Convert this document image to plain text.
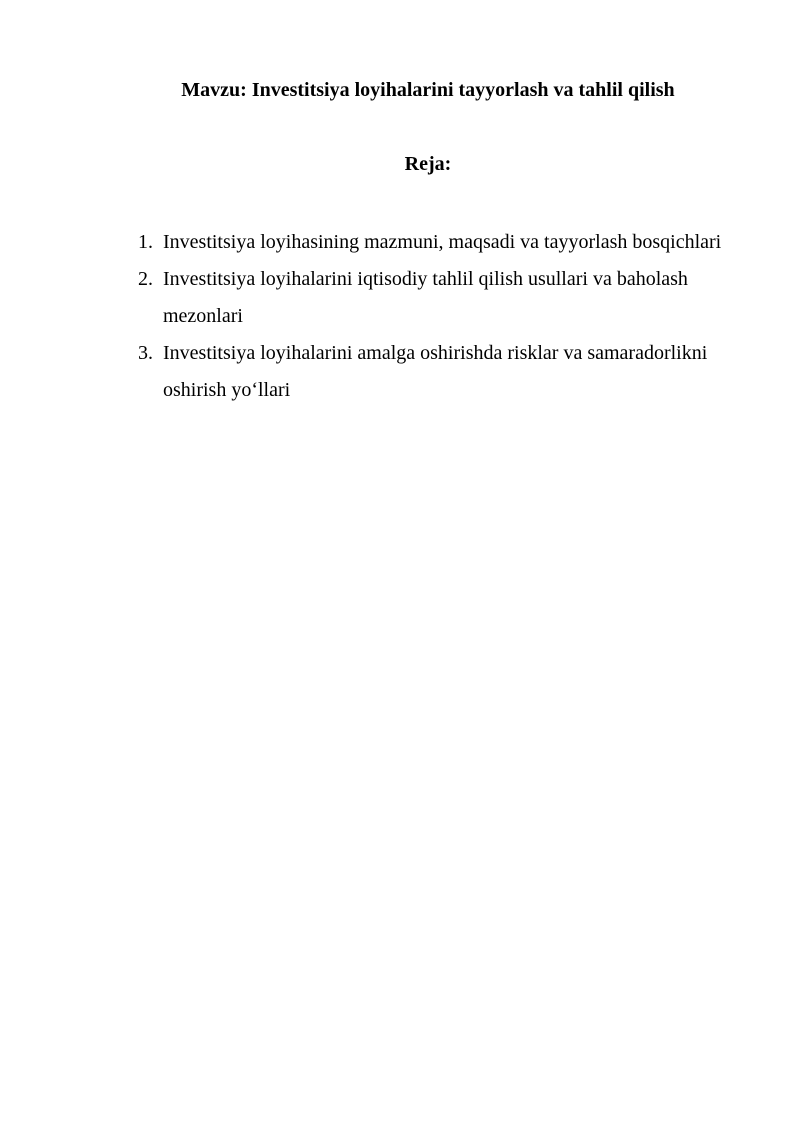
Mavzu: Investitsiya loyihalarini tayyorlash va tahlil qilish
Reja:
1. Investitsiya loyihasining mazmuni, maqsadi va tayyorlash bosqichlari
2. Investitsiya loyihalarini iqtisodiy tahlil qilish usullari va baholash mezonlari
3. Investitsiya loyihalarini amalga oshirishda risklar va samaradorlikni oshirish yo‘llari
